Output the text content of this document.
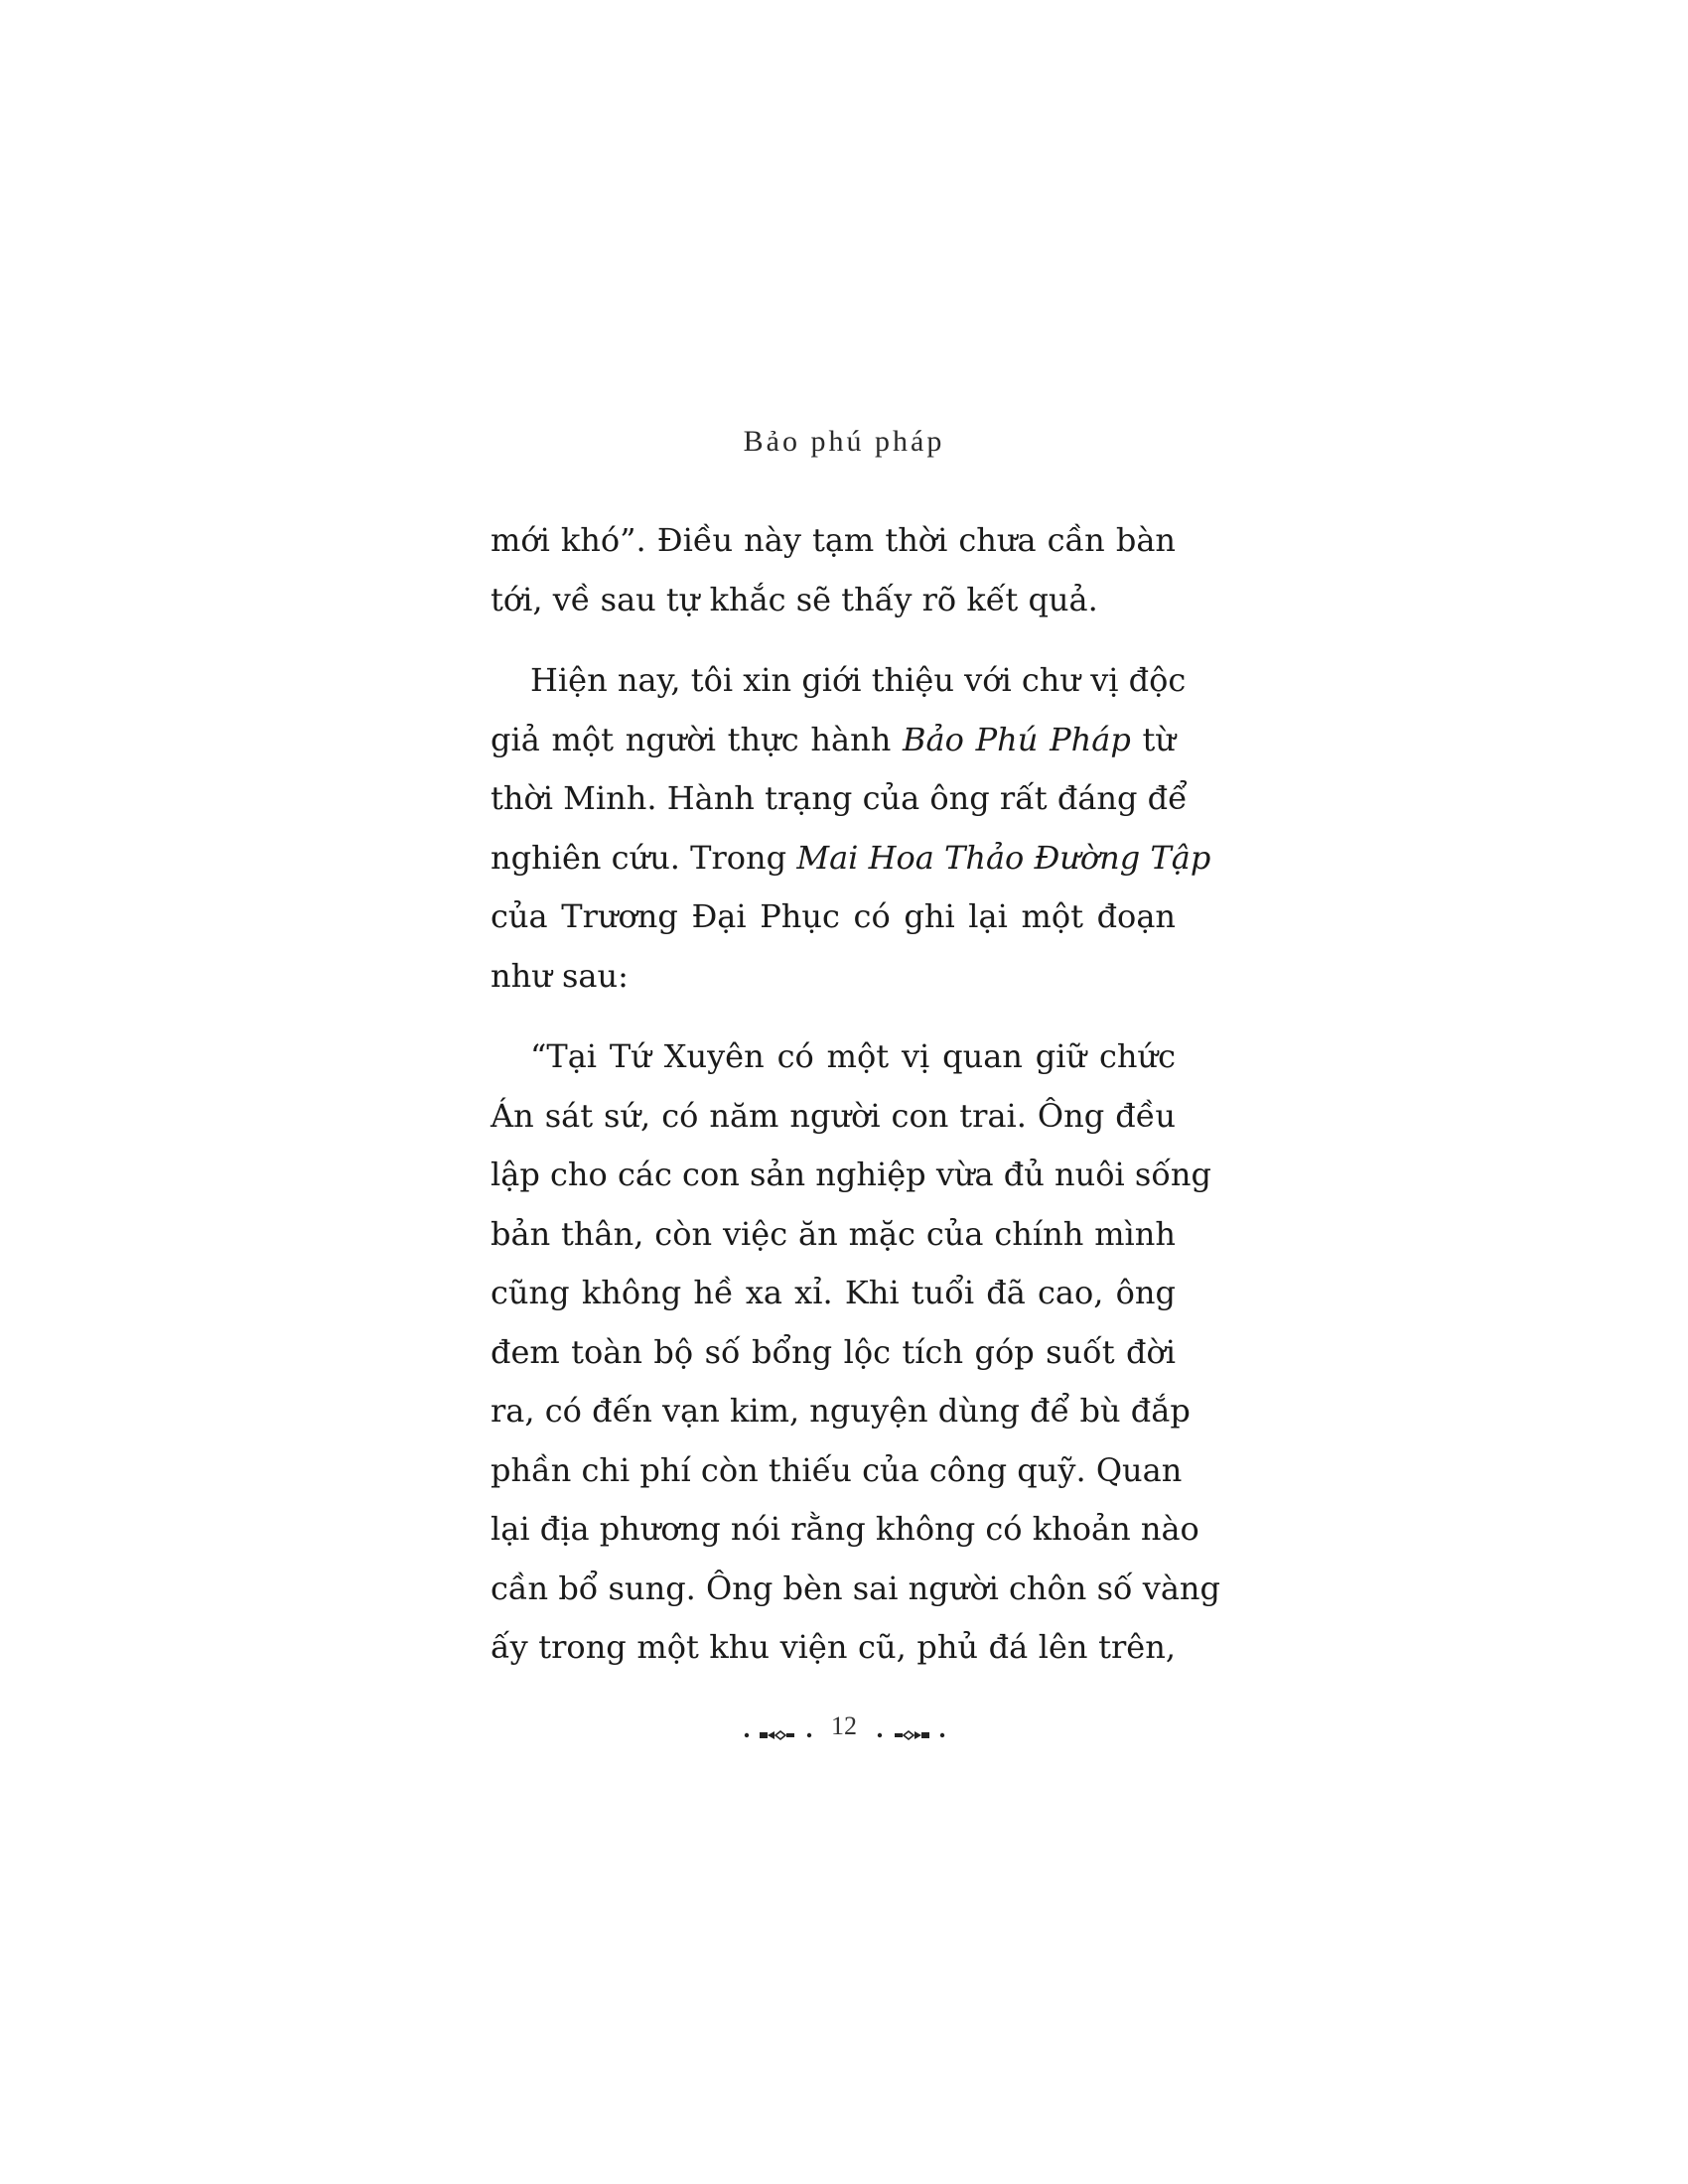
Bảo phú pháp
mới khó”. Điều này tạm thời chưa cần bàn
tới, về sau tự khắc sẽ thấy rõ kết quả.
Hiện nay, tôi xin giới thiệu với chư vị độc
giả một người thực hành Bảo Phú Pháp từ
thời Minh. Hành trạng của ông rất đáng để
nghiên cứu. Trong Mai Hoa Thảo Đường Tập
của Trương Đại Phục có ghi lại một đoạn
như sau:
“Tại Tứ Xuyên có một vị quan giữ chức
Án sát sứ, có năm người con trai. Ông đều
lập cho các con sản nghiệp vừa đủ nuôi sống
bản thân, còn việc ăn mặc của chính mình
cũng không hề xa xỉ. Khi tuổi đã cao, ông
đem toàn bộ số bổng lộc tích góp suốt đời
ra, có đến vạn kim, nguyện dùng để bù đắp
phần chi phí còn thiếu của công quỹ. Quan
lại địa phương nói rằng không có khoản nào
cần bổ sung. Ông bèn sai người chôn số vàng
ấy trong một khu viện cũ, phủ đá lên trên,
12
